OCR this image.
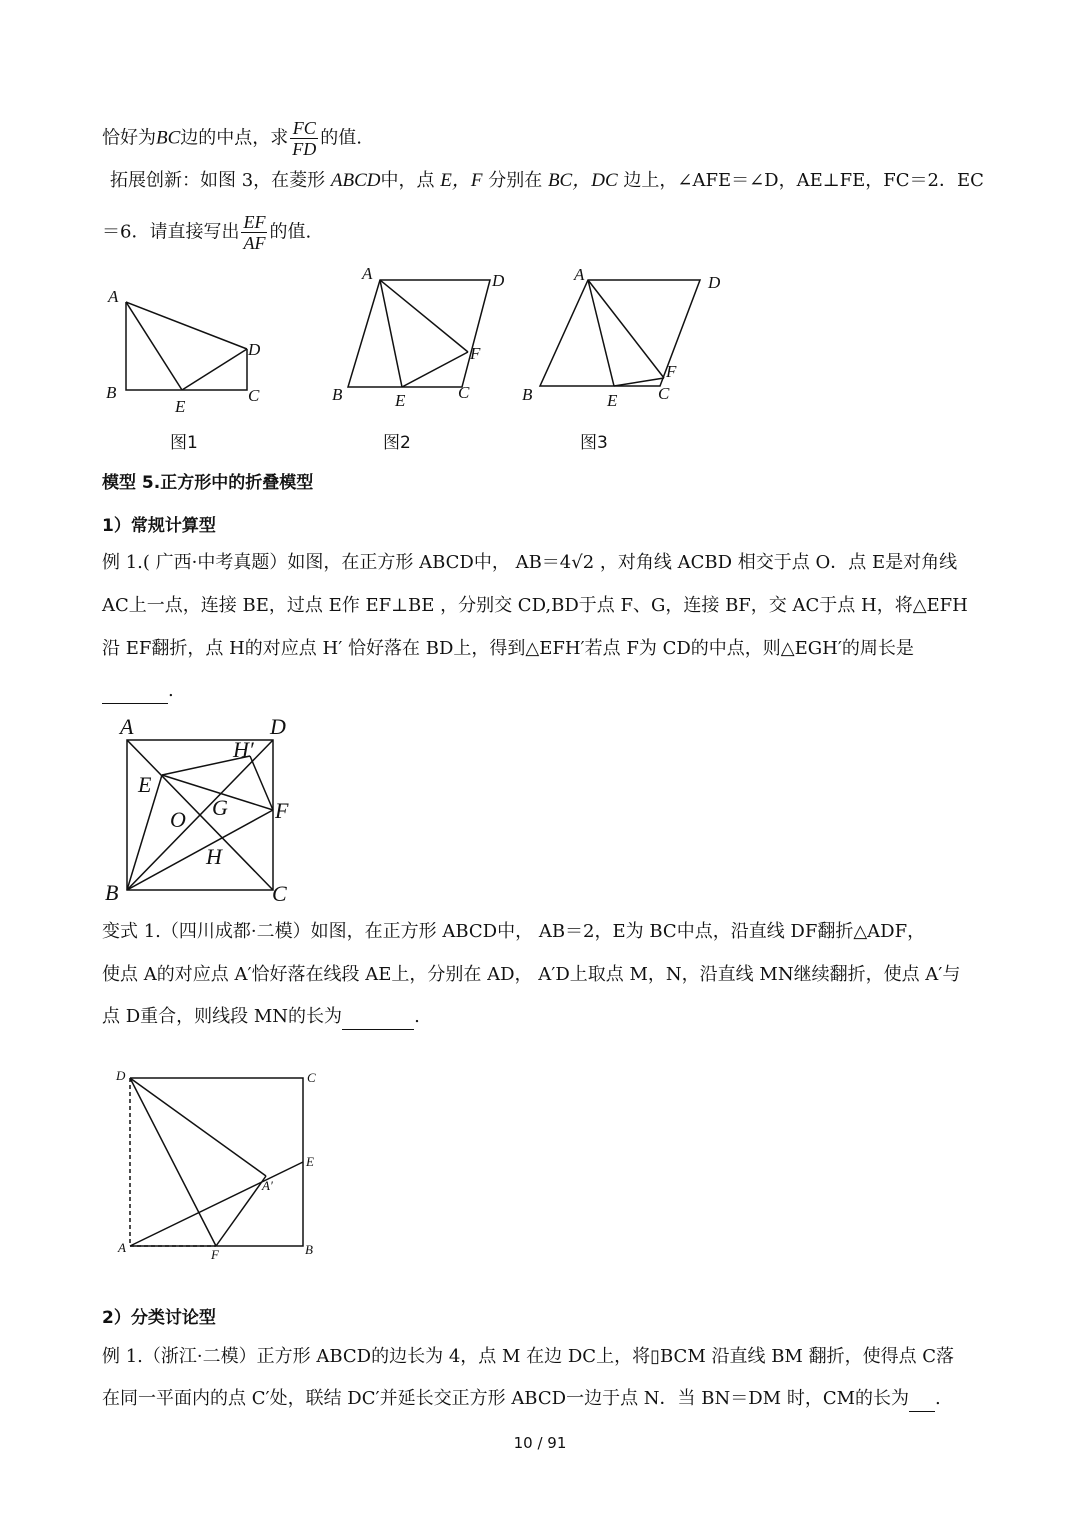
恰好为BC边的中点，求 $\frac{FC}{FD}$ 的值.
拓展创新：如图 3，在菱形 ABCD中，点 E，F 分别在 BC，DC 边上，∠AFE＝∠D，AE⊥FE，FC＝2．EC
＝6．请直接写出 $\frac{EF}{AF}$ 的值.
A
B	C
D
E
图1
A
B	C
D
E
F
图2
A
B	C
D
E
F
图3
模型 5.正方形中的折叠模型
1）常规计算型
例 1.( 广西·中考真题）如图，在正方形 ABCD中， AB＝4√2 ，对角线 ACBD 相交于点 O．点 E是对角线
AC上一点，连接 BE，过点 E作 EF⊥BE ，分别交 CD,BD于点 F、G，连接 BF，交 AC于点 H，将△EFH
沿 EF翻折，点 H的对应点 H′ 恰好落在 BD上，得到△EFH′若点 F为 CD的中点，则△EGH′的周长是
.
A	D
H′
E
G F
O
H
B	C
变式 1.（四川成都·二模）如图，在正方形 ABCD中， AB＝2，E为 BC中点，沿直线 DF翻折△ADF，
使点 A的对应点 A′恰好落在线段 AE上，分别在 AD， A′D上取点 M，N，沿直线 MN继续翻折，使点 A′与
点 D重合，则线段 MN的长为	.
D	C
E
A′
A	F	B
2）分类讨论型
例 1.（浙江·二模）正方形 ABCD的边长为 4，点 M 在边 DC上，将▯BCM 沿直线 BM 翻折，使得点 C落
在同一平面内的点 C′处，联结 DC′并延长交正方形 ABCD一边于点 N．当 BN＝DM 时，CM的长为 .
10 / 91
